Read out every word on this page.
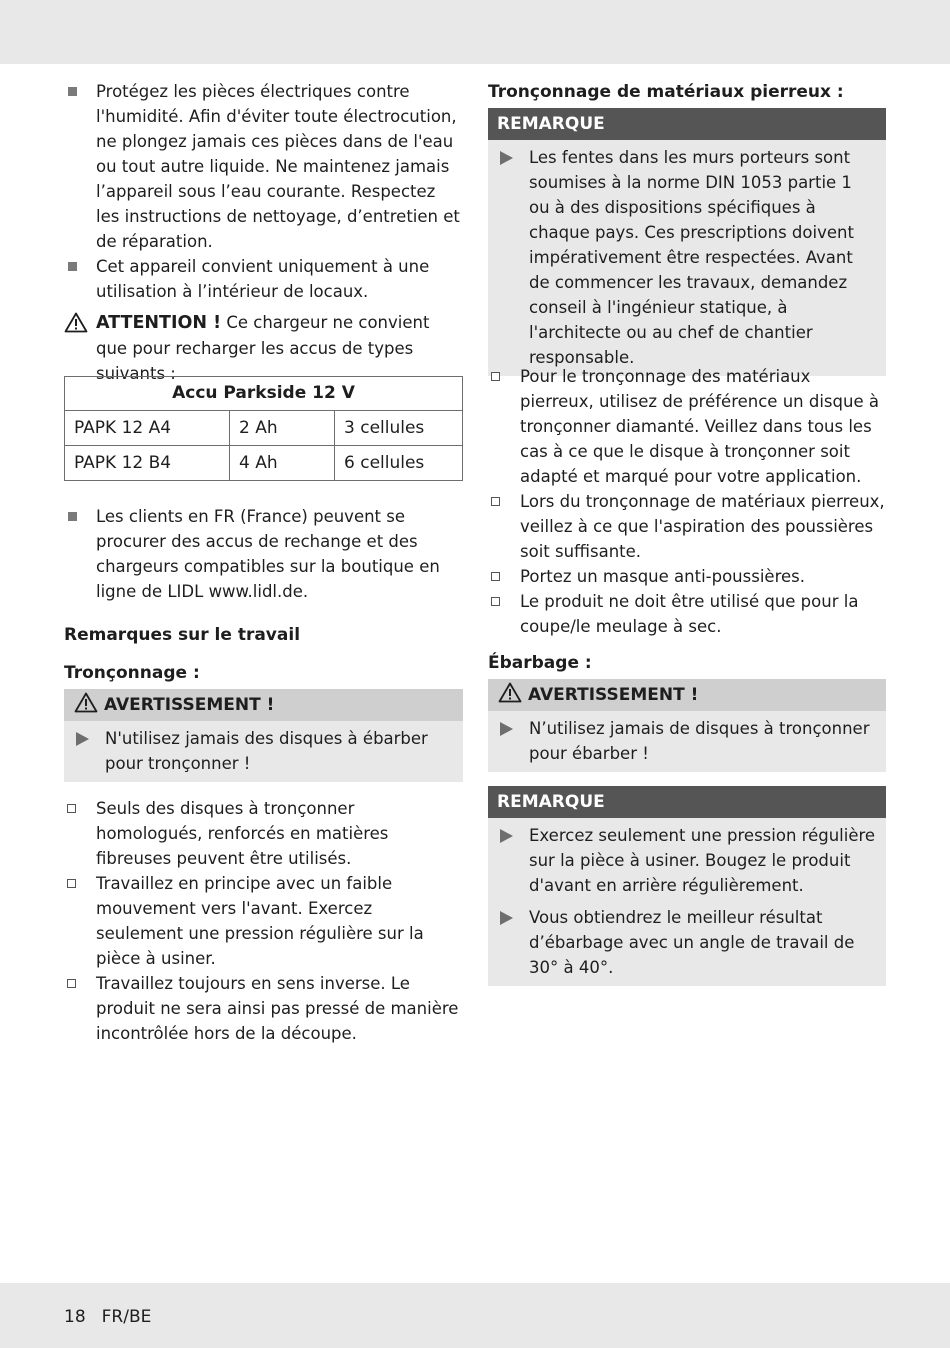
Protégez les pièces électriques contre l'humidité. Afin d'éviter toute électrocution, ne plongez jamais ces pièces dans de l'eau ou tout autre liquide. Ne maintenez jamais l’appareil sous l’eau courante. Respectez les instructions de nettoyage, d’entretien et de réparation.
Cet appareil convient uniquement à une utilisation à l’intérieur de locaux.
ATTENTION ! Ce chargeur ne convient que pour recharger les accus de types suivants :
Accu Parkside 12 V		
PAPK 12 A4	2 Ah	3 cellules
PAPK 12 B4	4 Ah	6 cellules
Les clients en FR (France) peuvent se procurer des accus de rechange et des chargeurs compatibles sur la boutique en ligne de LIDL www.lidl.de.
Remarques sur le travail
Tronçonnage :
AVERTISSEMENT !
N'utilisez jamais des disques à ébarber pour tronçonner !
Seuls des disques à tronçonner homologués, renforcés en matières fibreuses peuvent être utilisés.
Travaillez en principe avec un faible mouvement vers l'avant. Exercez seulement une pression régulière sur la pièce à usiner.
Travaillez toujours en sens inverse. Le produit ne sera ainsi pas pressé de manière incontrôlée hors de la découpe.
Tronçonnage de matériaux pierreux :
REMARQUE
Les fentes dans les murs porteurs sont soumises à la norme DIN 1053 partie 1 ou à des dispositions spécifiques à chaque pays. Ces prescriptions doivent impérativement être respectées. Avant de commencer les travaux, demandez conseil à l'ingénieur statique, à l'architecte ou au chef de chantier responsable.
Pour le tronçonnage des matériaux pierreux, utilisez de préférence un disque à tronçonner diamanté. Veillez dans tous les cas à ce que le disque à tronçonner soit adapté et marqué pour votre application.
Lors du tronçonnage de matériaux pierreux, veillez à ce que l'aspiration des poussières soit suffisante.
Portez un masque anti-poussières.
Le produit ne doit être utilisé que pour la coupe/le meulage à sec.
Ébarbage :
AVERTISSEMENT !
N’utilisez jamais de disques à tronçonner pour ébarber !
REMARQUE
Exercez seulement une pression régulière sur la pièce à usiner. Bougez le produit d'avant en arrière régulièrement.
Vous obtiendrez le meilleur résultat d’ébarbage avec un angle de travail de 30° à 40°.
18 FR/BE
